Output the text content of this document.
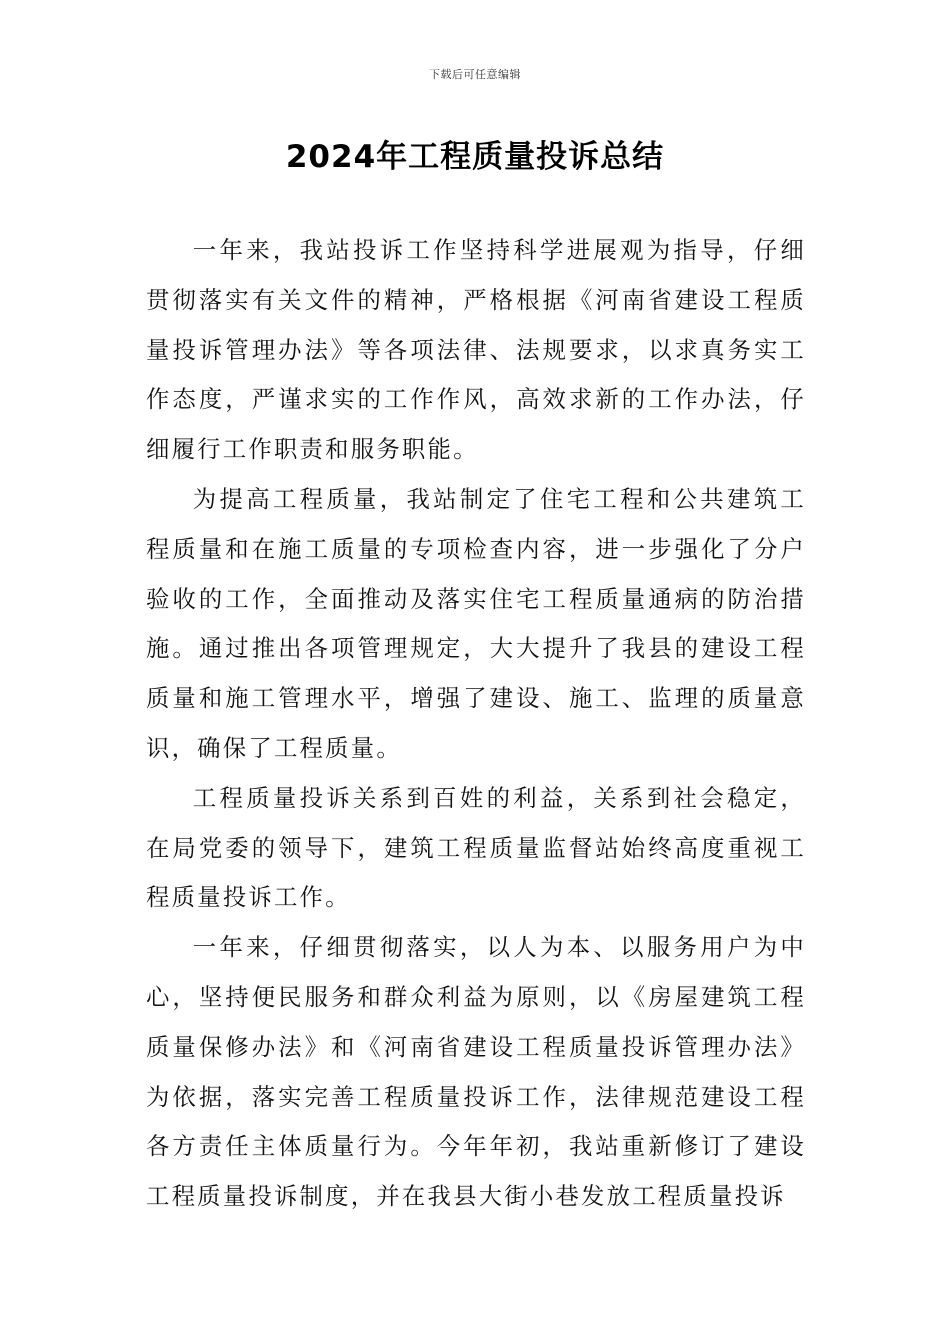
下载后可任意编辑
2024年工程质量投诉总结

一年来，我站投诉工作坚持科学进展观为指导，仔细贯彻落实有关文件的精神，严格根据《河南省建设工程质量投诉管理办法》等各项法律、法规要求，以求真务实工作态度，严谨求实的工作作风，高效求新的工作办法，仔细履行工作职责和服务职能。

为提高工程质量，我站制定了住宅工程和公共建筑工程质量和在施工质量的专项检查内容，进一步强化了分户验收的工作，全面推动及落实住宅工程质量通病的防治措施。通过推出各项管理规定，大大提升了我县的建设工程质量和施工管理水平，增强了建设、施工、监理的质量意识，确保了工程质量。

工程质量投诉关系到百姓的利益，关系到社会稳定，在局党委的领导下，建筑工程质量监督站始终高度重视工程质量投诉工作。

一年来，仔细贯彻落实，以人为本、以服务用户为中心，坚持便民服务和群众利益为原则，以《房屋建筑工程质量保修办法》和《河南省建设工程质量投诉管理办法》为依据，落实完善工程质量投诉工作，法律规范建设工程各方责任主体质量行为。今年年初，我站重新修订了建设工程质量投诉制度，并在我县大街小巷发放工程质量投诉
